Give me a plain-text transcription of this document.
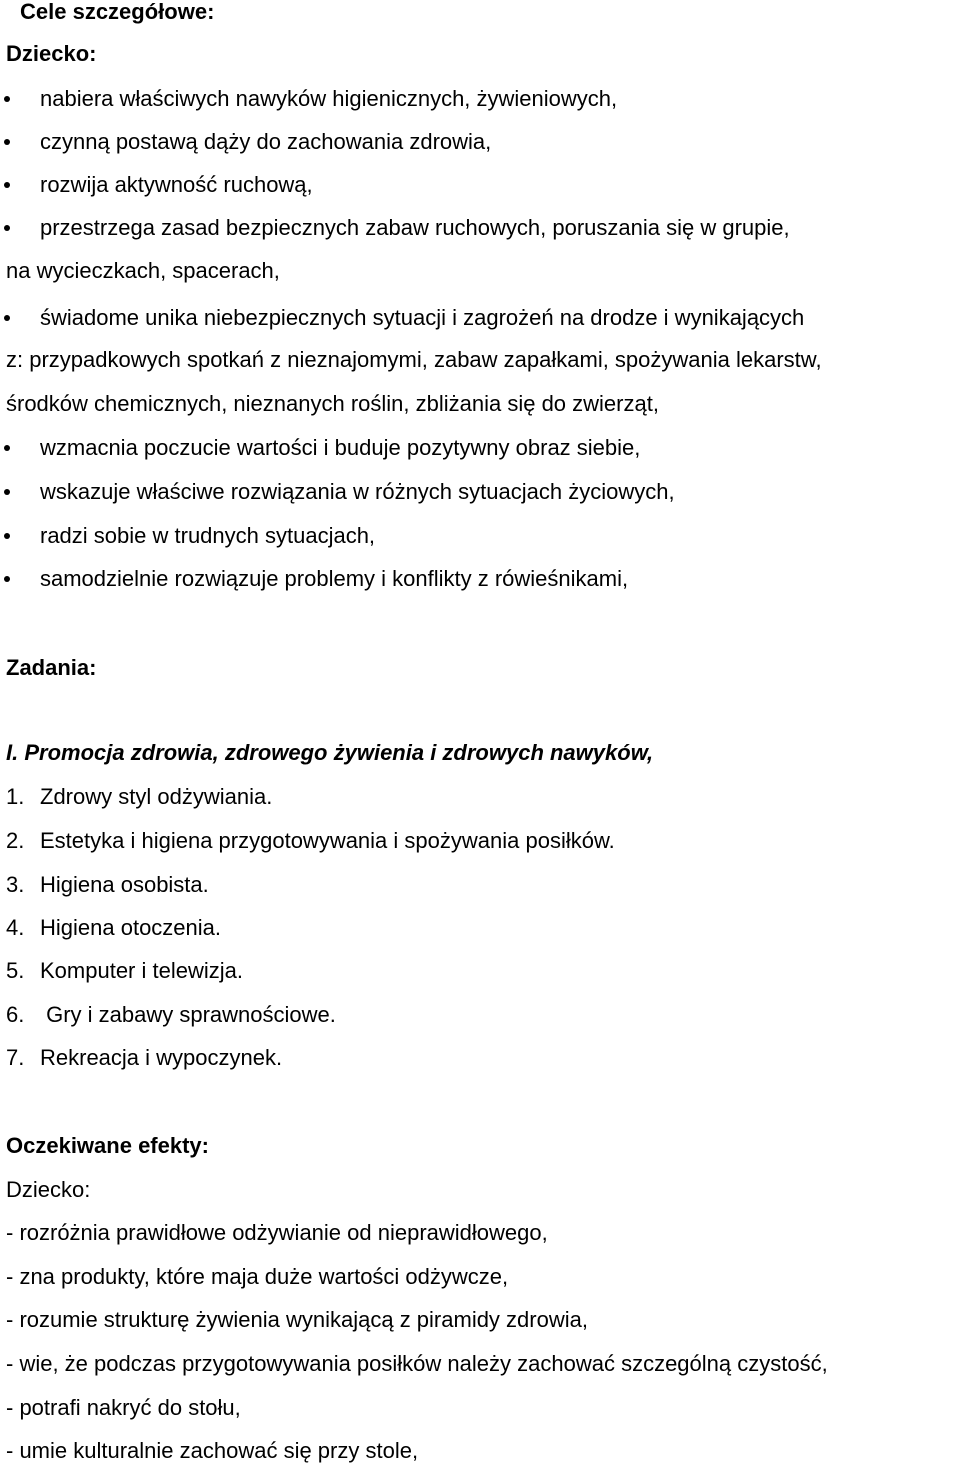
Cele szczegółowe:
Dziecko:
nabiera właściwych nawyków higienicznych, żywieniowych,
czynną postawą dąży do zachowania zdrowia,
rozwija aktywność ruchową,
przestrzega zasad bezpiecznych zabaw ruchowych, poruszania się w grupie,
na wycieczkach, spacerach,
świadome unika niebezpiecznych sytuacji i zagrożeń na drodze i wynikających
z: przypadkowych spotkań z nieznajomymi, zabaw zapałkami, spożywania lekarstw,
środków chemicznych, nieznanych roślin, zbliżania się do zwierząt,
wzmacnia poczucie wartości i buduje pozytywny obraz siebie,
wskazuje właściwe rozwiązania w różnych sytuacjach życiowych,
radzi sobie w trudnych sytuacjach,
samodzielnie rozwiązuje problemy i konflikty z rówieśnikami,
Zadania:
I. Promocja zdrowia, zdrowego żywienia i zdrowych nawyków,
1. Zdrowy styl odżywiania.
2. Estetyka i higiena przygotowywania i spożywania posiłków.
3. Higiena osobista.
4. Higiena otoczenia.
5. Komputer i telewizja.
6. Gry i zabawy sprawnościowe.
7. Rekreacja i wypoczynek.
Oczekiwane efekty:
Dziecko:
- rozróżnia prawidłowe odżywianie od nieprawidłowego,
- zna produkty, które maja duże wartości odżywcze,
- rozumie strukturę żywienia wynikającą z piramidy zdrowia,
- wie, że podczas przygotowywania posiłków należy zachować szczególną czystość,
- potrafi nakryć do stołu,
- umie kulturalnie zachować się przy stole,
